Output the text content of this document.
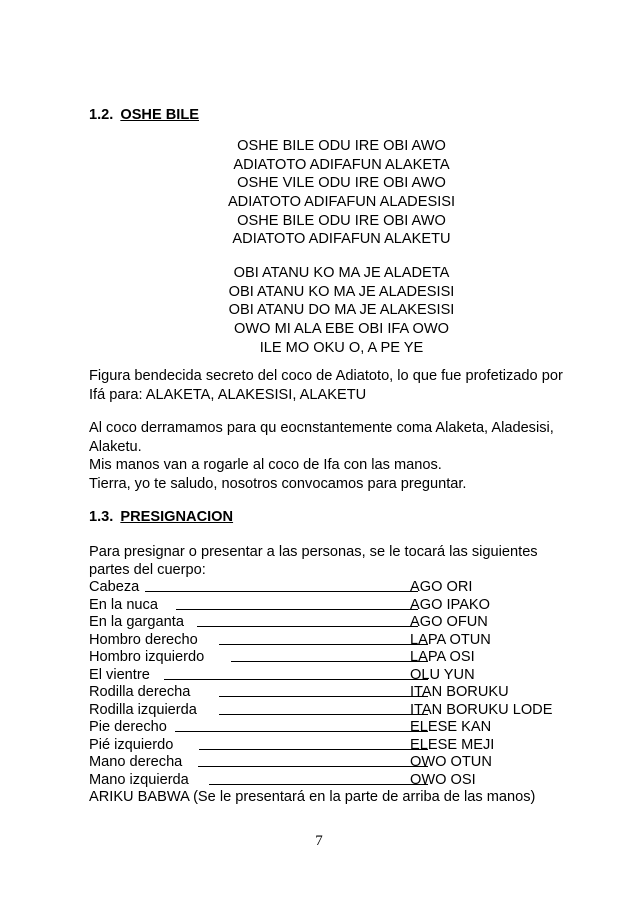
1.2. OSHE BILE
OSHE BILE ODU IRE OBI AWO
ADIATOTO ADIFAFUN ALAKETA
OSHE VILE ODU IRE OBI AWO
ADIATOTO ADIFAFUN ALADESISI
OSHE BILE ODU IRE OBI AWO
ADIATOTO ADIFAFUN ALAKETU
OBI ATANU KO MA JE ALADETA
OBI ATANU KO MA JE ALADESISI
OBI ATANU DO MA JE ALAKESISI
OWO MI ALA EBE OBI IFA OWO
ILE MO OKU O, A PE YE
Figura bendecida secreto del coco de Adiatoto, lo que fue profetizado por
Ifá para: ALAKETA, ALAKESISI, ALAKETU
Al coco derramamos para qu eocnstantemente coma Alaketa, Aladesisi,
Alaketu.
Mis manos van a rogarle al coco de Ifa con las manos.
Tierra, yo te saludo, nosotros convocamos para preguntar.
1.3. PRESIGNACION
Para presignar o presentar a las personas, se le tocará las siguientes
partes del cuerpo:
Cabeza	AGO ORI
En la nuca	AGO IPAKO
En la garganta	AGO OFUN
Hombro derecho	LAPA OTUN
Hombro izquierdo	LAPA OSI
El vientre	OLU YUN
Rodilla derecha	ITAN BORUKU
Rodilla izquierda	ITAN BORUKU LODE
Pie derecho	ELESE KAN
Pié izquierdo	ELESE MEJI
Mano derecha	OWO OTUN
Mano izquierda	OWO OSI
ARIKU BABWA (Se le presentará en la parte de arriba de las manos)
7
